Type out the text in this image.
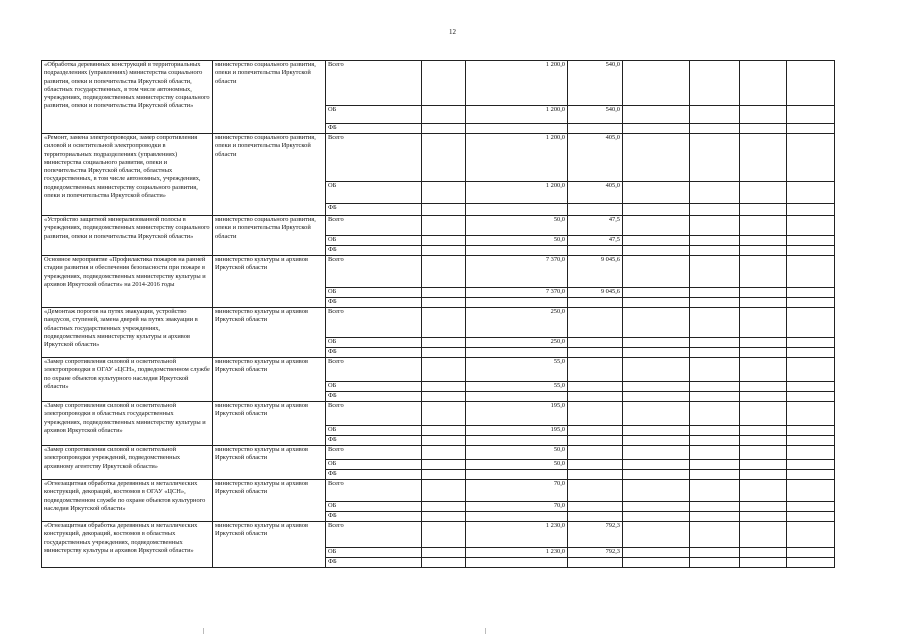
12
«Обработка деревянных конструкций в территориальных подразделениях (управлениях) министерства социального развития, опеки и попечительства Иркутской области, областных государственных, в том числе автономных, учреждениях, подведомственных министерству социального развития, опеки и попечительства Иркутской области»	министерство социального развития, опеки и попечительства Иркутской области	Всего		1 200,0	540,0					
		ОБ		1 200,0	540,0					
		ФБ								
«Ремонт, замена электропроводки, замер сопротивления силовой и осветительной электропроводки в территориальных подразделениях (управлениях) министерства социального развития, опеки и попечительства Иркутской области, областных государственных, в том числе автономных, учреждениях, подведомственных министерству социального развития, опеки и попечительства Иркутской области»	министерство социального развития, опеки и попечительства Иркутской области	Всего		1 200,0	405,0					
		ОБ		1 200,0	405,0					
		ФБ								
«Устройство защитной минерализованной полосы в учреждениях, подведомственных министерству социального развития, опеки и попечительства Иркутской области»	министерство социального развития, опеки и попечительства Иркутской области	Всего		50,0	47,5					
		ОБ		50,0	47,5					
		ФБ								
Основное мероприятие «Профилактика пожаров на ранней стадии развития и обеспечения безопасности при пожаре в учреждениях, подведомственных министерству культуры и архивов Иркутской области» на 2014-2016 годы	министерство культуры и архивов Иркутской области	Всего		7 370,0	9 045,6					
		ОБ		7 370,0	9 045,6					
		ФБ								
«Демонтаж порогов на путях эвакуации, устройство пандусов, ступеней, замена дверей на путях эвакуации в областных государственных учреждениях, подведомственных министерству культуры и архивов Иркутской области»	министерство культуры и архивов Иркутской области	Всего		250,0						
		ОБ		250,0						
		ФБ								
«Замер сопротивления силовой и осветительной электропроводки в ОГАУ «ЦСН», подведомственном службе по охране объектов культурного наследия Иркутской области»	министерство культуры и архивов Иркутской области	Всего		55,0						
		ОБ		55,0						
		ФБ								
«Замер сопротивления силовой и осветительной электропроводки в областных государственных учреждениях, подведомственных министерству культуры и архивов Иркутской области»	министерство культуры и архивов Иркутской области	Всего		195,0						
		ОБ		195,0						
		ФБ								
«Замер сопротивления силовой и осветительной электропроводки учреждений, подведомственных архивному агентству Иркутской области»	министерство культуры и архивов Иркутской области	Всего		50,0						
		ОБ		50,0						
		ФБ								
«Огнезащитная обработка деревянных и металлических конструкций, декораций, костюмов в ОГАУ «ЦСН», подведомственном службе по охране объектов культурного наследия Иркутской области»	министерство культуры и архивов Иркутской области	Всего		70,0						
		ОБ		70,0						
		ФБ								
«Огнезащитная обработка деревянных и металлических конструкций, декораций, костюмов в областных государственных учреждениях, подведомственных министерству культуры и архивов Иркутской области»	министерство культуры и архивов Иркутской области	Всего		1 230,0	792,3					
		ОБ		1 230,0	792,3					
		ФБ								
